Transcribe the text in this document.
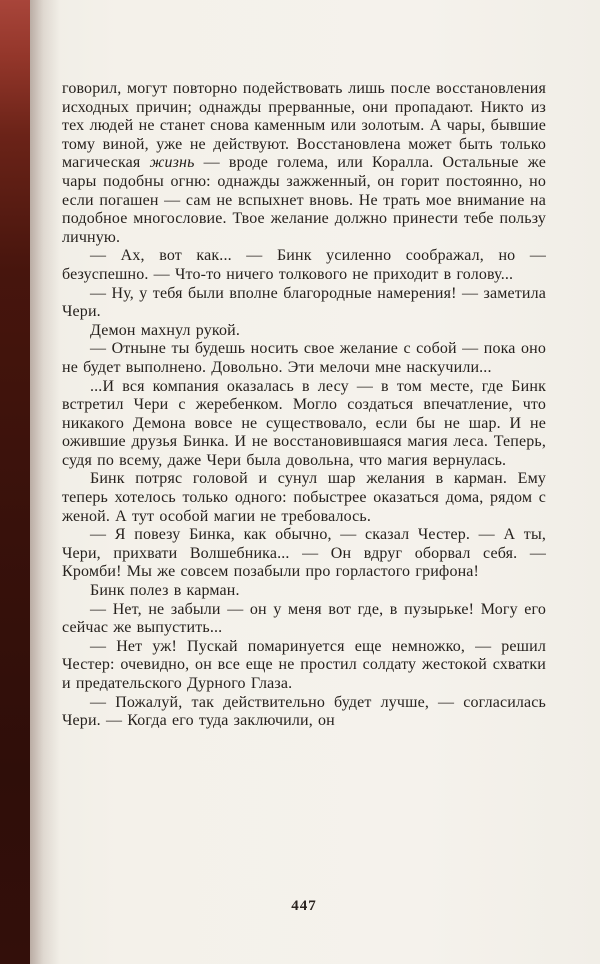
говорил, могут повторно подействовать лишь после восстановления исходных причин; однажды прерванные, они пропадают. Никто из тех людей не станет снова каменным или золотым. А чары, бывшие тому виной, уже не действуют. Восстановлена может быть только магическая жизнь — вроде голема, или Коралла. Остальные же чары подобны огню: однажды зажженный, он горит постоянно, но если погашен — сам не вспыхнет вновь. Не трать мое внимание на подобное многословие. Твое желание должно принести тебе пользу личную.

— Ах, вот как... — Бинк усиленно соображал, но — безуспешно. — Что-то ничего толкового не приходит в голову...

— Ну, у тебя были вполне благородные намерения! — заметила Чери.

Демон махнул рукой.

— Отныне ты будешь носить свое желание с собой — пока оно не будет выполнено. Довольно. Эти мелочи мне наскучили...

...И вся компания оказалась в лесу — в том месте, где Бинк встретил Чери с жеребенком. Могло создаться впечатление, что никакого Демона вовсе не существовало, если бы не шар. И не ожившие друзья Бинка. И не восстановившаяся магия леса. Теперь, судя по всему, даже Чери была довольна, что магия вернулась.

Бинк потряс головой и сунул шар желания в карман. Ему теперь хотелось только одного: побыстрее оказаться дома, рядом с женой. А тут особой магии не требовалось.

— Я повезу Бинка, как обычно, — сказал Честер. — А ты, Чери, прихвати Волшебника... — Он вдруг оборвал себя. — Кромби! Мы же совсем позабыли про горластого грифона!

Бинк полез в карман.

— Нет, не забыли — он у меня вот где, в пузырьке! Могу его сейчас же выпустить...

— Нет уж! Пускай помаринуется еще немножко, — решил Честер: очевидно, он все еще не простил солдату жестокой схватки и предательского Дурного Глаза.

— Пожалуй, так действительно будет лучше, — согласилась Чери. — Когда его туда заключили, он

447
